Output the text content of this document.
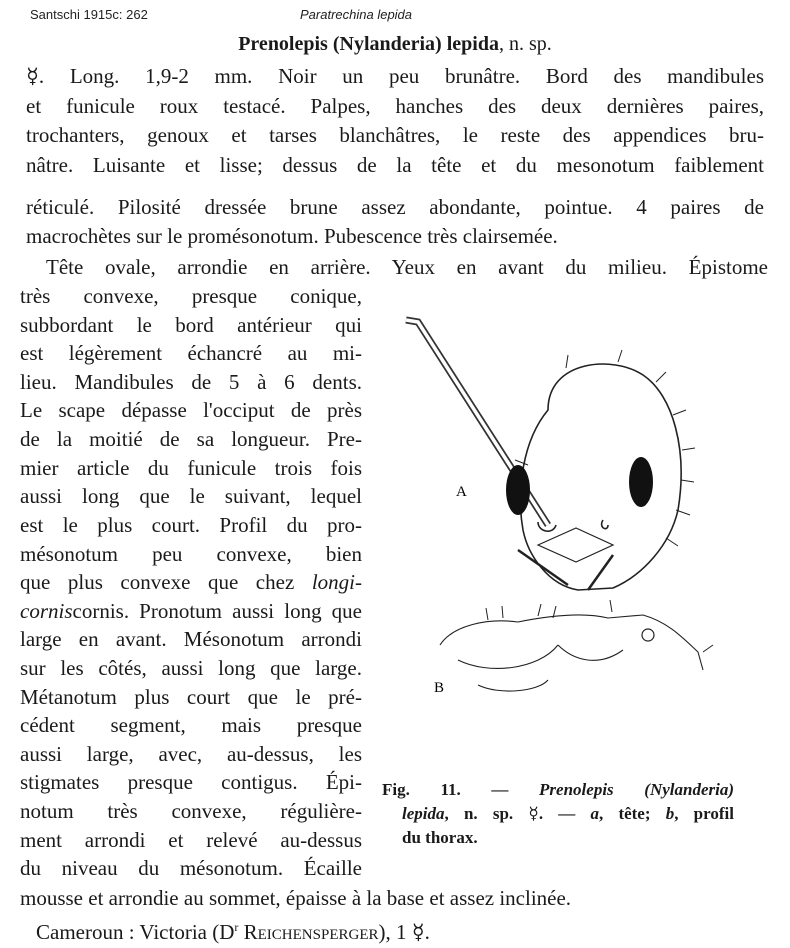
Santschi 1915c: 262	Paratrechina lepida
Prenolepis (Nylanderia) lepida, n. sp.
☿. Long. 1,9-2 mm. Noir un peu brunâtre. Bord des mandibules
et funicule roux testacé. Palpes, hanches des deux dernières paires,
trochanters, genoux et tarses blanchâtres, le reste des appendices bru-
nâtre. Luisante et lisse; dessus de la tête et du mesonotum faiblement
réticulé. Pilosité dressée brune assez abondante, pointue. 4 paires de
macrochètes sur le promésonotum. Pubescence très clairsemée.
Tête ovale, arrondie en arrière. Yeux en avant du milieu. Épistome
très convexe, presque conique,
subbordant le bord antérieur qui
est légèrement échancré au mi-
lieu. Mandibules de 5 à 6 dents.
Le scape dépasse l'occiput de près
de la moitié de sa longueur. Pre-
mier article du funicule trois fois
aussi long que le suivant, lequel
est le plus court. Profil du pro-
mésonotum peu convexe, bien
que plus convexe que chez longi-
corniscornis. Pronotum aussi long que
large en avant. Mésonotum arrondi
sur les côtés, aussi long que large.
Métanotum plus court que le pré-
cédent segment, mais presque
aussi large, avec, au-dessus, les
stigmates presque contigus. Épi-
notum très convexe, régulière-
ment arrondi et relevé au-dessus
du niveau du mésonotum. Écaille
mousse et arrondie au sommet, épaisse à la base et assez inclinée.
Cameroun : Victoria ($D^r$ Reichensperger), 1 ☿.
A
B
Fig. 11. — Prenolepis (Nylanderia)
lepida, n. sp. ☿. — a, tête; b, profil
du thorax.
